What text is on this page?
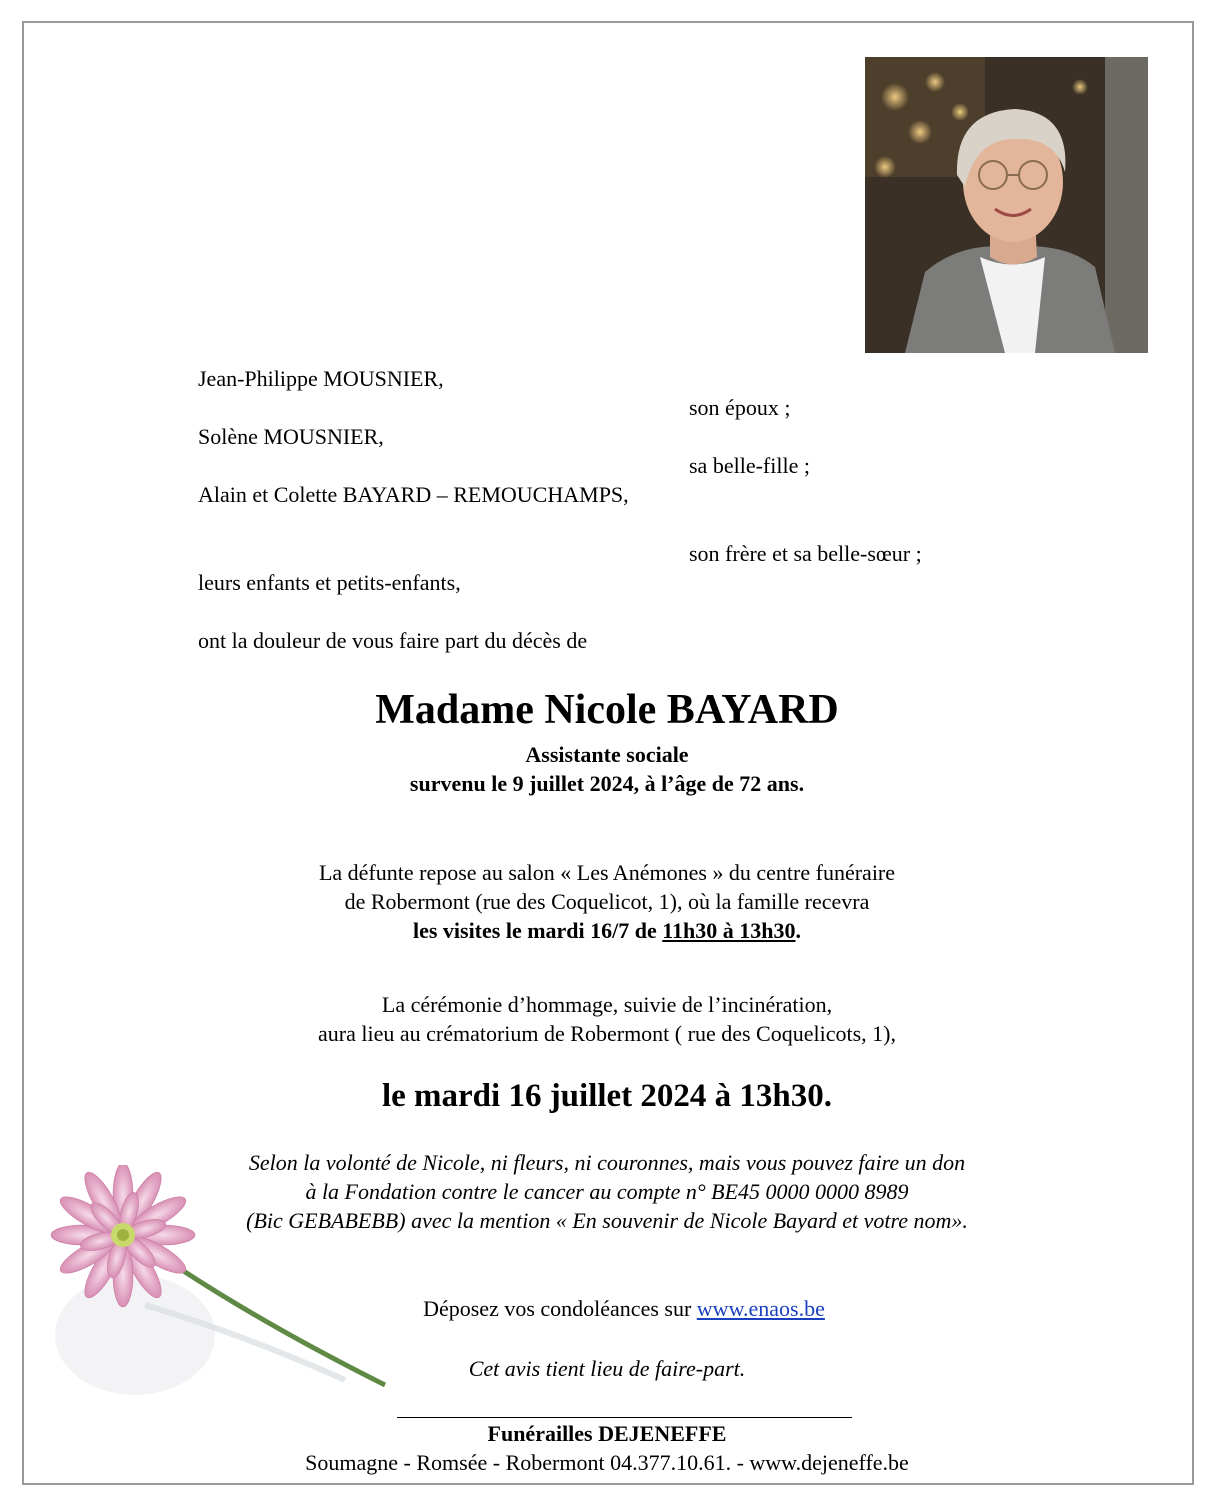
Jean-Philippe MOUSNIER,
son époux ;
Solène MOUSNIER,
sa belle-fille ;
Alain et Colette BAYARD – REMOUCHAMPS,
son frère et sa belle-sœur ;
leurs enfants et petits-enfants,
ont la douleur de vous faire part du décès de
Madame Nicole BAYARD
Assistante sociale
survenu le 9 juillet 2024, à l’âge de 72 ans.
La défunte repose au salon « Les Anémones » du centre funéraire
de Robermont (rue des Coquelicot, 1), où la famille recevra
les visites le mardi 16/7 de 11h30 à 13h30.
La cérémonie d’hommage, suivie de l’incinération,
aura lieu au crématorium de Robermont ( rue des Coquelicots, 1),
le mardi 16 juillet 2024 à 13h30.
Selon la volonté de Nicole, ni fleurs, ni couronnes, mais vous pouvez faire un don
à la Fondation contre le cancer au compte n° BE45 0000 0000 8989
(Bic GEBABEBB) avec la mention « En souvenir de Nicole Bayard et votre nom».
Déposez vos condoléances sur www.enaos.be
Cet avis tient lieu de faire-part.
Funérailles DEJENEFFE
Soumagne - Romsée - Robermont 04.377.10.61. - www.dejeneffe.be
